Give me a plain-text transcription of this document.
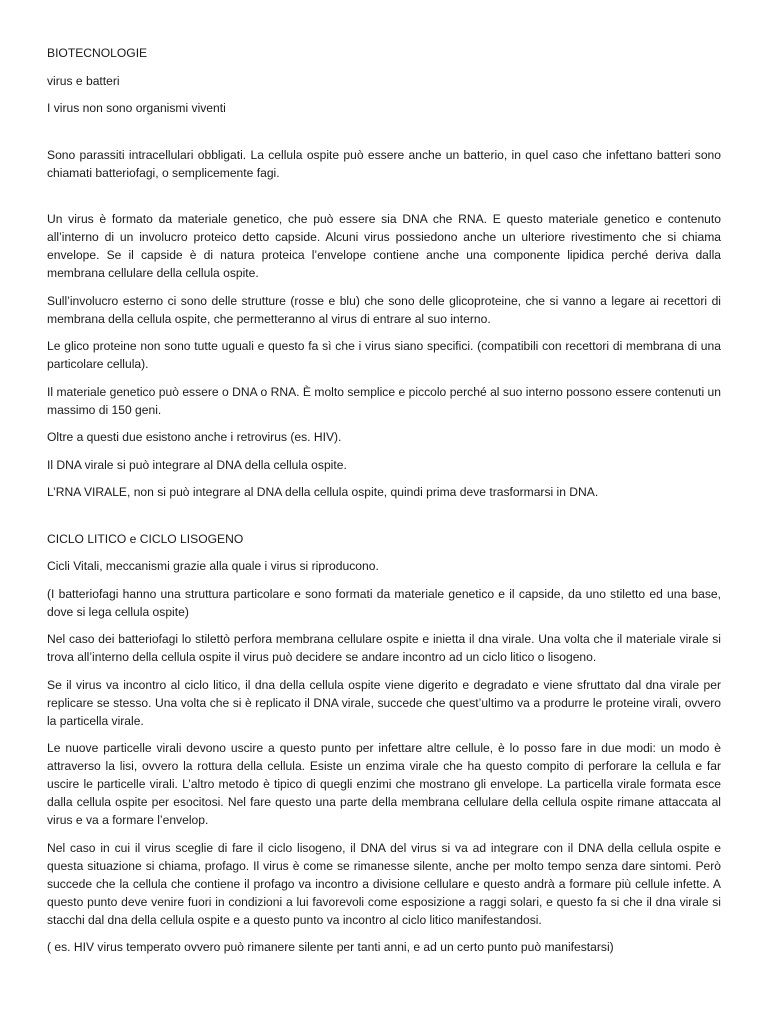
BIOTECNOLOGIE

virus e batteri

I virus non sono organismi viventi

Sono parassiti intracellulari obbligati. La cellula ospite può essere anche un batterio, in quel caso che infettano batteri sono chiamati batteriofagi, o semplicemente fagi.

Un virus è formato da materiale genetico, che può essere sia DNA che RNA. E questo materiale genetico e contenuto all’interno di un involucro proteico detto capside. Alcuni virus possiedono anche un ulteriore rivestimento che si chiama envelope. Se il capside è di natura proteica l’envelope contiene anche una componente lipidica perché deriva dalla membrana cellulare della cellula ospite.

Sull’involucro esterno ci sono delle strutture (rosse e blu) che sono delle glicoproteine, che si vanno a legare ai recettori di membrana della cellula ospite, che permetteranno al virus di entrare al suo interno.

Le glico proteine non sono tutte uguali e questo fa sì che i virus siano specifici. (compatibili con recettori di membrana di una particolare cellula).

Il materiale genetico può essere o DNA o RNA. È molto semplice e piccolo perché al suo interno possono essere contenuti un massimo di 150 geni.

Oltre a questi due esistono anche i retrovirus (es. HIV).

Il DNA virale si può integrare al DNA della cellula ospite.

L’RNA VIRALE, non si può integrare al DNA della cellula ospite, quindi prima deve trasformarsi in DNA.

CICLO LITICO e CICLO LISOGENO

Cicli Vitali, meccanismi grazie alla quale i virus si riproducono.

(I batteriofagi hanno una struttura particolare e sono formati da materiale genetico e il capside, da uno stiletto ed una base, dove si lega cellula ospite)

Nel caso dei batteriofagi lo stilettò perfora membrana cellulare ospite e inietta il dna virale. Una volta che il materiale virale si trova all’interno della cellula ospite il virus può decidere se andare incontro ad un ciclo litico o lisogeno.

Se il virus va incontro al ciclo litico, il dna della cellula ospite viene digerito e degradato e viene sfruttato dal dna virale per replicare se stesso. Una volta che si è replicato il DNA virale, succede che quest’ultimo va a produrre le proteine virali, ovvero la particella virale.

Le nuove particelle virali devono uscire a questo punto per infettare altre cellule, è lo posso fare in due modi: un modo è attraverso la lisi, ovvero la rottura della cellula. Esiste un enzima virale che ha questo compito di perforare la cellula e far uscire le particelle virali. L’altro metodo è tipico di quegli enzimi che mostrano gli envelope. La particella virale formata esce dalla cellula ospite per esocitosi. Nel fare questo una parte della membrana cellulare della cellula ospite rimane attaccata al virus e va a formare l’envelop.

Nel caso in cui il virus sceglie di fare il ciclo lisogeno, il DNA del virus si va ad integrare con il DNA della cellula ospite e questa situazione si chiama, profago. Il virus è come se rimanesse silente, anche per molto tempo senza dare sintomi. Però succede che la cellula che contiene il profago va incontro a divisione cellulare e questo andrà a formare più cellule infette. A questo punto deve venire fuori in condizioni a lui favorevoli come esposizione a raggi solari, e questo fa si che il dna virale si stacchi dal dna della cellula ospite e a questo punto va incontro al ciclo litico manifestandosi.

( es. HIV virus temperato ovvero può rimanere silente per tanti anni, e ad un certo punto può manifestarsi)
